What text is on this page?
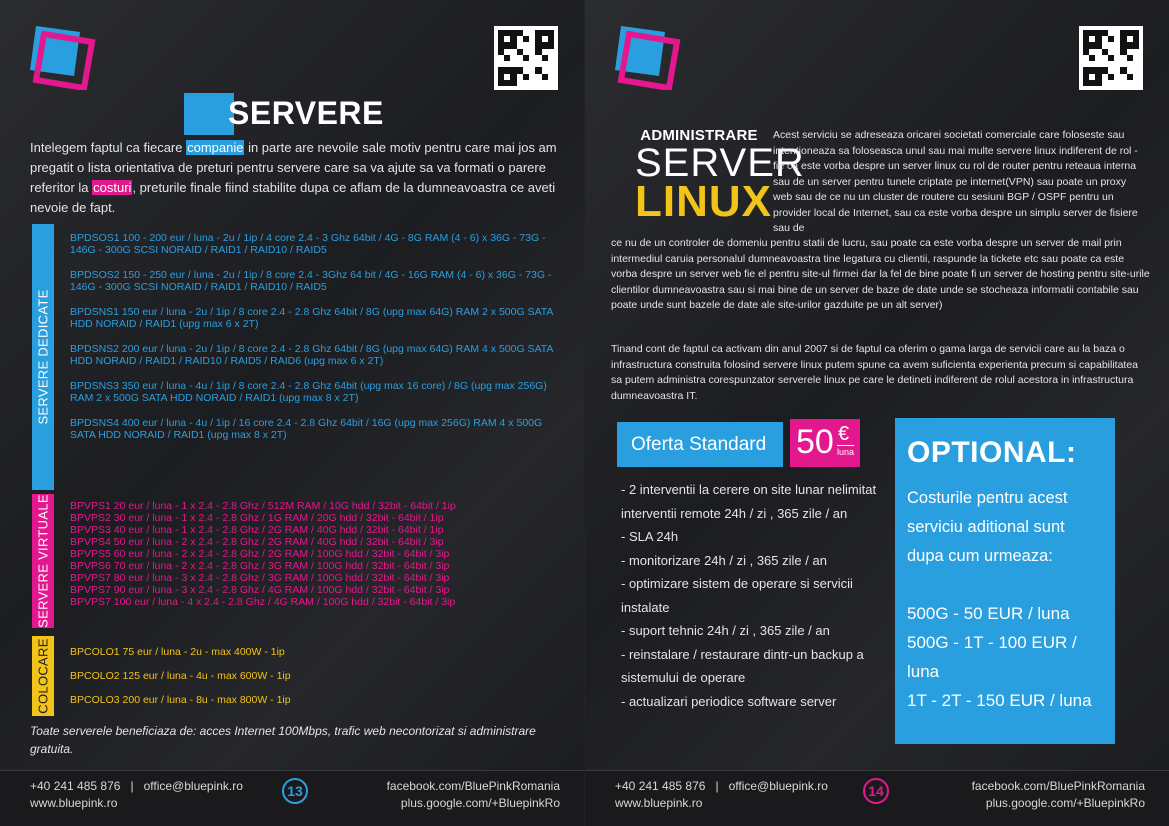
SERVERE

Intelegem faptul ca fiecare companie in parte are nevoile sale motiv pentru care mai jos am pregatit o lista orientativa de preturi pentru servere care sa va ajute sa va formati o parere referitor la costuri, preturile finale fiind stabilite dupa ce aflam de la dumneavoastra ce aveti nevoie de fapt.

SERVERE DEDICATE
BPDSOS1 100 - 200 eur / luna - 2u / 1ip / 4 core 2.4 - 3 Ghz 64bit / 4G - 8G RAM (4 - 6) x 36G - 73G - 146G - 300G SCSI NORAID / RAID1 / RAID10 / RAID5
BPDSOS2 150 - 250 eur / luna - 2u / 1ip / 8 core 2.4 - 3Ghz 64 bit / 4G - 16G RAM (4 - 6) x 36G - 73G - 146G - 300G SCSI NORAID / RAID1 / RAID10 / RAID5
BPDSNS1 150 eur / luna - 2u / 1ip / 8 core 2.4 - 2.8 Ghz 64bit / 8G (upg max 64G) RAM 2 x 500G SATA HDD NORAID / RAID1 (upg max 6 x 2T)
BPDSNS2 200 eur / luna - 2u / 1ip / 8 core 2.4 - 2.8 Ghz 64bit / 8G (upg max 64G) RAM 4 x 500G SATA HDD NORAID / RAID1 / RAID10 / RAID5 / RAID6 (upg max 6 x 2T)
BPDSNS3 350 eur / luna - 4u / 1ip / 8 core 2.4 - 2.8 Ghz 64bit (upg max 16 core) / 8G (upg max 256G) RAM 2 x 500G SATA HDD NORAID / RAID1 (upg max 8 x 2T)
BPDSNS4 400 eur / luna - 4u / 1ip / 16 core 2.4 - 2.8 Ghz 64bit / 16G (upg max 256G) RAM 4 x 500G SATA HDD NORAID / RAID1 (upg max 8 x 2T)
SERVERE VIRTUALE BPVPS1 20 eur / luna - 1 x 2.4 - 2.8 Ghz / 512M RAM / 10G hdd / 32bit - 64bit / 1ip
BPVPS2 30 eur / luna - 1 x 2.4 - 2.8 Ghz / 1G RAM / 20G hdd / 32bit - 64bit / 1ip
BPVPS3 40 eur / luna - 1 x 2.4 - 2.8 Ghz / 2G RAM / 40G hdd / 32bit - 64bit / 1ip
BPVPS4 50 eur / luna - 2 x 2.4 - 2.8 Ghz / 2G RAM / 40G hdd / 32bit - 64bit / 3ip
BPVPS5 60 eur / luna - 2 x 2.4 - 2.8 Ghz / 2G RAM / 100G hdd / 32bit - 64bit / 3ip
BPVPS6 70 eur / luna - 2 x 2.4 - 2.8 Ghz / 3G RAM / 100G hdd / 32bit - 64bit / 3ip
BPVPS7 80 eur / luna - 3 x 2.4 - 2.8 Ghz / 3G RAM / 100G hdd / 32bit - 64bit / 3ip
BPVPS7 90 eur / luna - 3 x 2.4 - 2.8 Ghz / 4G RAM / 100G hdd / 32bit - 64bit / 3ip
BPVPS7 100 eur / luna - 4 x 2.4 - 2.8 Ghz / 4G RAM / 100G hdd / 32bit - 64bit / 3ip
COLOCARE BPCOLO1 75 eur / luna - 2u - max 400W - 1ip
BPCOLO2 125 eur / luna - 4u - max 600W - 1ip
BPCOLO3 200 eur / luna - 8u - max 800W - 1ip

Toate serverele beneficiaza de: acces Internet 100Mbps, trafic web necontorizat si administrare gratuita.

+40 241 485 876 | office@bluepink.ro
www.bluepink.ro
13	facebook.com/BluePinkRomania
plus.google.com/+BluepinkRo
ADMINISTRARE
SERVER
LINUX

Acest serviciu se adreseaza oricarei societati comerciale care foloseste sau intentioneaza sa foloseasca unul sau mai multe servere linux indiferent de rol - fie ca este vorba despre un server linux cu rol de router pentru reteaua interna sau de un server pentru tunele criptate pe internet(VPN) sau poate un proxy web sau de ce nu un cluster de routere cu sesiuni BGP / OSPF pentru un provider local de Internet, sau ca este vorba despre un simplu server de fisiere sau de

ce nu de un controler de domeniu pentru statii de lucru, sau poate ca este vorba despre un server de mail prin intermediul caruia personalul dumneavoastra tine legatura cu clientii, raspunde la tickete etc sau poate ca este vorba despre un server web fie el pentru site-ul firmei dar la fel de bine poate fi un server de hosting pentru site-urile clientilor dumneavoastra sau si mai bine de un server de baze de date unde se stocheaza informatii contabile sau poate unde sunt bazele de date ale site-urilor gazduite pe un alt server)

Tinand cont de faptul ca activam din anul 2007 si de faptul ca oferim o gama larga de servicii care au la baza o infrastructura construita folosind servere linux putem spune ca avem suficienta experienta precum si capabilitatea sa putem administra corespunzator serverele linux pe care le detineti indiferent de rolul acestora in infrastructura dumneavoastra IT.

Oferta Standard 50 €
luna
- 2 interventii la cerere on site lunar nelimitat interventii remote 24h / zi , 365 zile / an
- SLA 24h
- monitorizare 24h / zi , 365 zile / an
- optimizare sistem de operare si servicii instalate
- suport tehnic 24h / zi , 365 zile / an
- reinstalare / restaurare dintr-un backup a sistemului de operare
- actualizari periodice software server
OPTIONAL:
Costurile pentru acest serviciu aditional sunt dupa cum urmeaza:
500G - 50 EUR / luna
500G - 1T - 100 EUR / luna
1T - 2T - 150 EUR / luna
+40 241 485 876 | office@bluepink.ro
www.bluepink.ro
14	facebook.com/BluePinkRomania
plus.google.com/+BluepinkRo
